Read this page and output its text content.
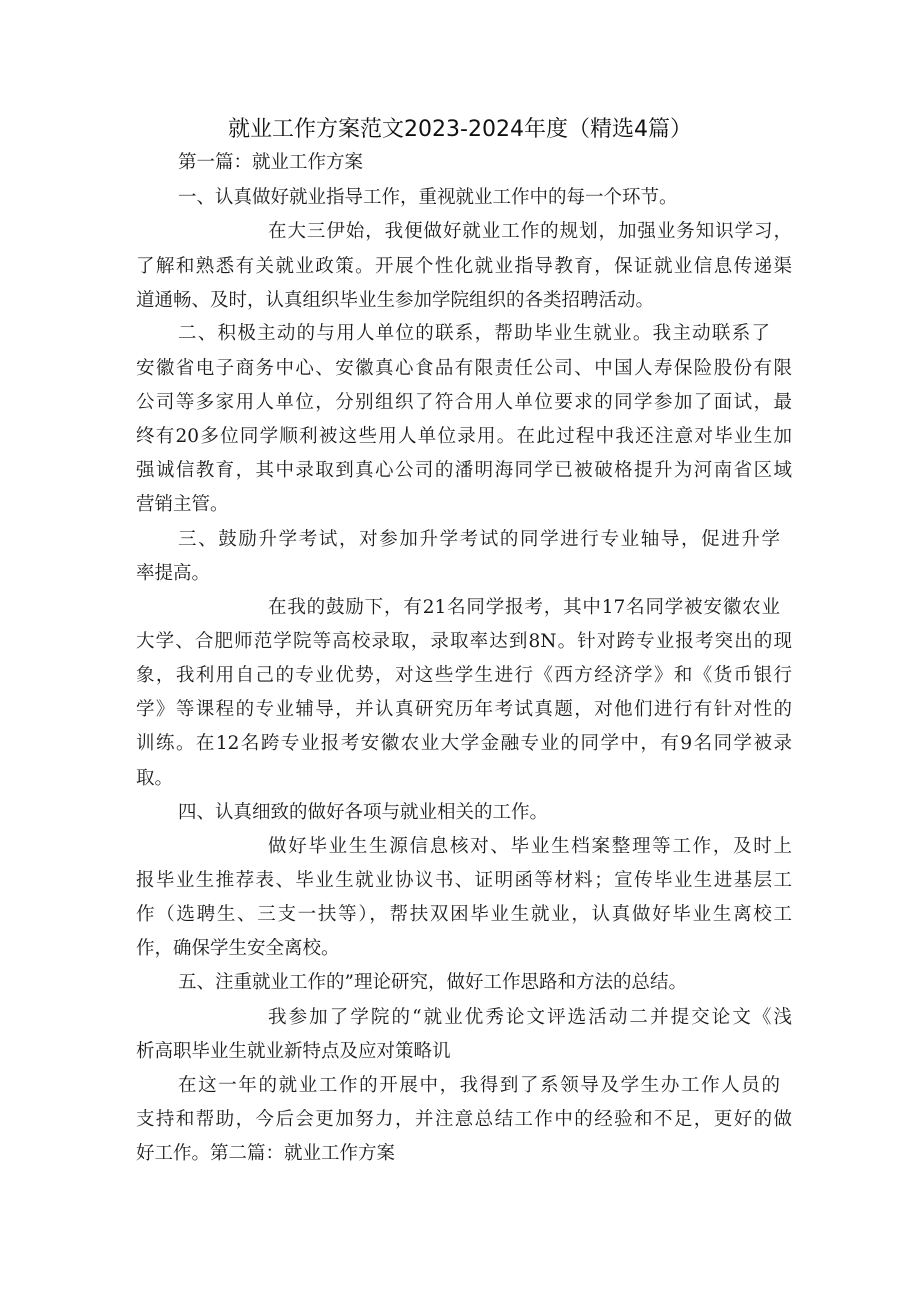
就业工作方案范文2023-2024年度（精选4篇）

第一篇：就业工作方案

一、认真做好就业指导工作，重视就业工作中的每一个环节。

在大三伊始，我便做好就业工作的规划，加强业务知识学习，

了解和熟悉有关就业政策。开展个性化就业指导教育，保证就业信息传递渠

道通畅、及时，认真组织毕业生参加学院组织的各类招聘活动。

二、积极主动的与用人单位的联系，帮助毕业生就业。我主动联系了

安徽省电子商务中心、安徽真心食品有限责任公司、中国人寿保险股份有限

公司等多家用人单位，分别组织了符合用人单位要求的同学参加了面试，最

终有20多位同学顺利被这些用人单位录用。在此过程中我还注意对毕业生加

强诚信教育，其中录取到真心公司的潘明海同学已被破格提升为河南省区域

营销主管。

三、鼓励升学考试，对参加升学考试的同学进行专业轴导，促进升学

率提高。

在我的鼓励下，有21名同学报考，其中17名同学被安徽农业

大学、合肥师范学院等高校录取，录取率达到8N。针对跨专业报考突出的现

象，我利用自己的专业优势，对这些学生进行《西方经济学》和《货币银行

学》等课程的专业辅导，并认真研究历年考试真题，对他们进行有针对性的

训练。在12名跨专业报考安徽农业大学金融专业的同学中，有9名同学被录

取。

四、认真细致的做好各项与就业相关的工作。

做好毕业生生源信息核对、毕业生档案整理等工作，及时上

报毕业生推荐表、毕业生就业协议书、证明函等材料；宣传毕业生进基层工

作（选聘生、三支一扶等），帮扶双困毕业生就业，认真做好毕业生离校工

作，确保学生安全离校。

五、注重就业工作的”理论研究，做好工作思路和方法的总结。

我参加了学院的“就业优秀论文评选活动二并提交论文《浅

析高职毕业生就业新特点及应对策略讥

在这一年的就业工作的开展中，我得到了系领导及学生办工作人员的

支持和帮助，今后会更加努力，并注意总结工作中的经验和不足，更好的做

好工作。第二篇：就业工作方案
